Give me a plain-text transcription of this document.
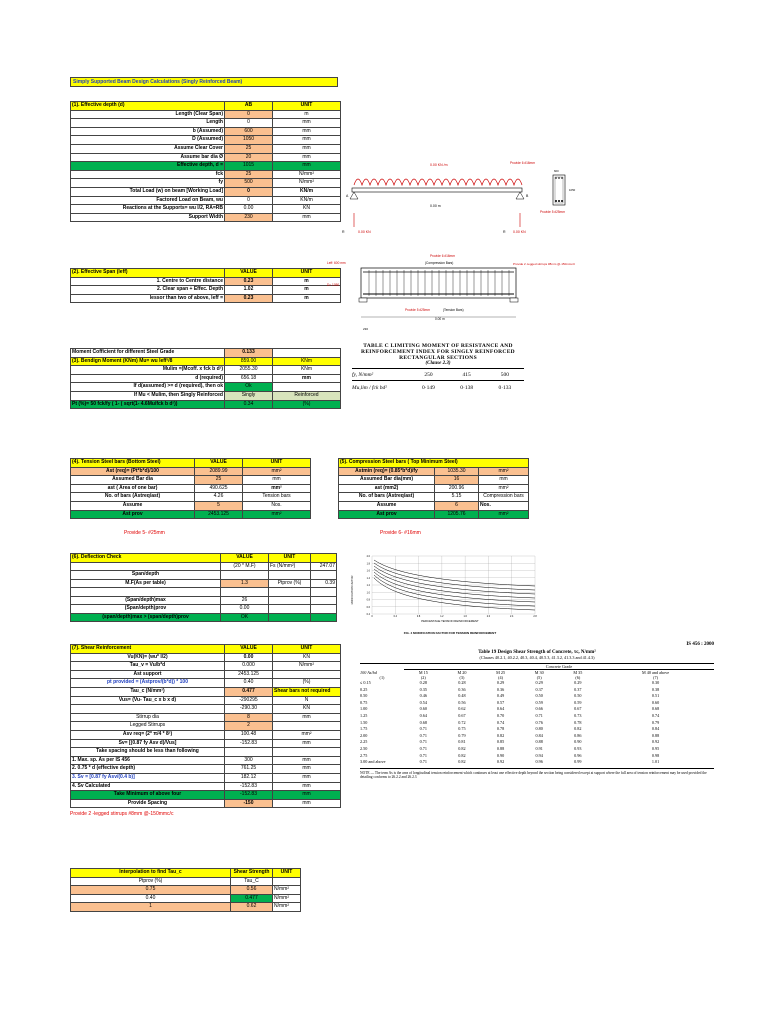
Simply Supported Beam Design Calculations (Singly Reinforced Beam)
(1). Effective depth (d)	AB	UNIT
Length (Clear Span)	0	m
Length	0	mm
b (Assumed)	600	mm
D (Assumed)	1050	mm
Assume Clear Cover	25	mm
Assume bar dia Ø	20	mm
Effective depth, d =	1015	mm
fck	25	N/mm²
fy	500	N/mm²
Total Load (w) on beam [Working Load]	0	KN/m
Factored Load on Beam, wu	0	KN/m
Reactions at the Supports= wu l/2, RA=RB	0.00	KN
Support Width	230	mm
(2). Effective Span (leff)	VALUE	UNIT
1. Centre to Centre distance	0.23	m
2. Clear span + Effec. Depth	1.02	m
lessor than two of above, leff =	0.23	m
Moment Cofficient for different Steel Grade	0.133	
(3). Bendign Moment (KNm) Mu= wu leff²/8	859.00	KNm
Mulim =(Mcoff. x fck b d²)	2055.30	KNm
d (required)	656.18	mm
If d(assumed) >= d (required), then ok	Ok	
If Mu < Mulim, then Singly Reinforced	Singly	Reinforced
Pt (%)= 50 fck/fy ( 1- ( sqrt(1- 4.6Mu/fck b d²))	0.34	(%)
(4). Tension Steel bars (Bottom Steel)	VALUE	UNIT
Ast (req)= (Pt*b*d)/100	2089.99	mm²
Assumed Bar dia	25	mm
ast ( Area of one bar)	490.625	mm²
No. of bars (Astreq/ast)	4.26	Tension bars
Assume	5	Nos.
Ast prov	2453.125	mm²
Provide 5- #25mm
(5). Compression Steel bars ( Top Minimum Steel)		
Astmin (req)= (0.85*b*d)/fy	1035.30	mm²
Assumed Bar dia(mm)	16	mm
ast (mm2)	200.96	mm²
No. of bars (Astreq/ast)	5.15	Compression bars
Assume	6	Nos.
Ast prov	1205.76	mm²
Provide 6- #16mm
(6). Deflection Check	VALUE	UNIT	
	(20 * M.F)	Fs (N/mm²)	247.07
Span/depth			
M.F(As per table)	1.3	Ptprov (%)	0.39

(Span/depth)max	26		
(Span/depth)prov	0.00		
(span/depth)max > (span/depth)prov	OK		
(7). Shear Reinforcement	VALUE	UNIT
Vu(KN)= (wu* l/2)	0.00	KN
Tau_v = Vu/b*d	0.000	N/mm²
Ast support	2453.125	
pt provided = (Astprov/(b*d)) * 100	0.40	(%)
Tau_c (N/mm²)	0.477	Shear bars not required
Vus= (Vu- Tau_c x b x d)	-290295	N
	-290.30	KN
Stirrup dia	8	mm
Legged Stirrups	2	
Asv req= (2* π/4 * 8²)	100.48	mm²
Sv= [(0.87 fy Asv d)/Vus]	-152.83	mm
Take spacing should be less than following		
1. Max. sp. As per IS 456	300	mm
2. 0.75 * d (effective depth)	761.25	mm
3. Sv = [0.87 fy Asv/(0.4 b)]	182.12	mm
4. Sv Calculated	-152.83	mm
Take Minimum of above four	-152.83	mm
Provide Spacing	-150	mm
Provide 2 -legged stirrups #8mm @-150mmc/c
Interpolation to find Tau_c	Shear Strength	UNIT
Ptprov (%)	Tau_C	
0.75	0.56	N/mm²
0.40	0.477	N/mm²
1	0.62	N/mm²
0.00 KN /m
A	B
0.00 m
R	0.00 KN	R 0.00 KN
Provide 6 #16mm
Provide 5 #25mm
600
1050
Leff: 600 mm
Provide 6 #16mm
(Compression Bars)	Provide 2 -legged stirrups #8mm @-150mmc/c
D= 1050
Provide 5 #25mm	(Tension Bars)
0.00 m
230
TABLE C LIMITING MOMENT OF RESISTANCE AND REINFORCEMENT INDEX FOR SINGLY REINFORCED RECTANGULAR SECTIONS
(Clause 2.3)
fy, N/mm²	250	415	500
Mu,lim / fck bd²	0·149	0·138	0·133
2.0
1.8
1.6
1.4
1.2
1.0
0.8
0.6
0.4
0	0.4	0.8	1.2	1.6	2.0	2.4	2.8
MODIFICATION FACTOR
PERCENTAGE TENSION REINFORCEMENT
FIG. 4 MODIFICATION FACTOR FOR TENSION REINFORCEMENT
IS 456 : 2000
Table 19 Design Shear Strength of Concrete, τc, N/mm²
(Clauses 40.2.1, 40.2.2, 40.3, 40.4, 40.5.3, 41.3.2, 41.3.3 and 41.4.3)
	Concrete Grade					
100 As/bd	M 15	M 20	M 25	M 30	M 35	M 40 and above
(1)	(2)	(3)	(4)	(5)	(6)	(7)
≤ 0.15	0.28	0.28	0.29	0.29	0.29	0.30
0.25	0.35	0.36	0.36	0.37	0.37	0.38
0.50	0.46	0.48	0.49	0.50	0.50	0.51
0.75	0.54	0.56	0.57	0.59	0.59	0.60
1.00	0.60	0.62	0.64	0.66	0.67	0.68
1.25	0.64	0.67	0.70	0.71	0.73	0.74
1.50	0.68	0.72	0.74	0.76	0.78	0.79
1.75	0.71	0.75	0.78	0.80	0.82	0.84
2.00	0.71	0.79	0.82	0.84	0.86	0.88
2.25	0.71	0.81	0.85	0.88	0.90	0.92
2.50	0.71	0.82	0.88	0.91	0.93	0.95
2.75	0.71	0.82	0.90	0.94	0.96	0.98
3.00 and above	0.71	0.82	0.92	0.96	0.99	1.01
NOTE — The term As is the area of longitudinal tension reinforcement which continues at least one effective depth beyond the section being considered except at support where the full area of tension reinforcement may be used provided the detailing conforms to 26.2.2 and 26.2.3
